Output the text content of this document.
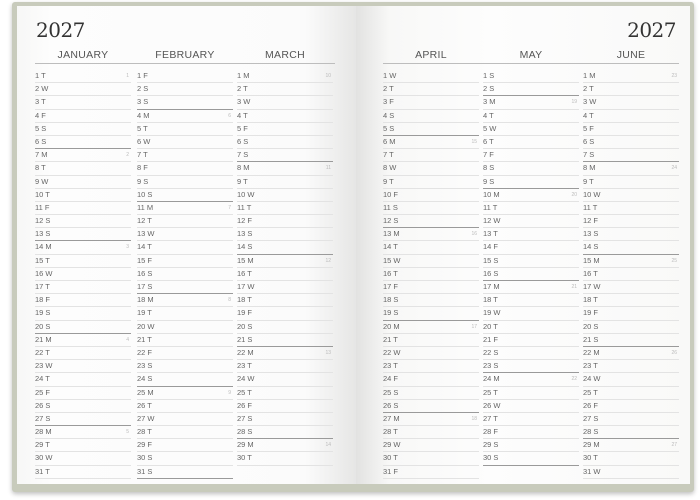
2027
JANUARY
1 T	1
2 W
3 T
4 F
5 S
6 S
7 M	2
8 T
9 W
10 T
11 F
12 S
13 S
14 M	3
15 T
16 W
17 T
18 F
19 S
20 S
21 M	4
22 T
23 W
24 T
25 F
26 S
27 S
28 M	5
29 T
30 W
31 T
FEBRUARY
1 F
2 S
3 S
4 M	6
5 T
6 W
7 T
8 F
9 S
10 S
11 M	7
12 T
13 W
14 T
15 F
16 S
17 S
18 M	8
19 T
20 W
21 T
22 F
23 S
24 S
25 M	9
26 T
27 W
28 T
29 F
30 S
31 S
MARCH
1 M	10
2 T
3 W
4 T
5 F
6 S
7 S
8 M	11
9 T
10 W
11 T
12 F
13 S
14 S
15 M	12
16 T
17 W
18 T
19 F
20 S
21 S
22 M	13
23 T
24 W
25 T
26 F
27 S
28 S
29 M	14
30 T
2027
APRIL
1 W
2 T
3 F
4 S
5 S
6 M	15
7 T
8 W
9 T
10 F
11 S
12 S
13 M	16
14 T
15 W
16 T
17 F
18 S
19 S
20 M	17
21 T
22 W
23 T
24 F
25 S
26 S
27 M	18
28 T
29 W
30 T
31 F
MAY
1 S
2 S
3 M	19
4 T
5 W
6 T
7 F
8 S
9 S
10 M	20
11 T
12 W
13 T
14 F
15 S
16 S
17 M	21
18 T
19 W
20 T
21 F
22 S
23 S
24 M	22
25 T
26 W
27 T
28 F
29 S
30 S
JUNE
1 M	23
2 T
3 W
4 T
5 F
6 S
7 S
8 M	24
9 T
10 W
11 T
12 F
13 S
14 S
15 M	25
16 T
17 W
18 T
19 F
20 S
21 S
22 M	26
23 T
24 W
25 T
26 F
27 S
28 S
29 M	27
30 T
31 W
